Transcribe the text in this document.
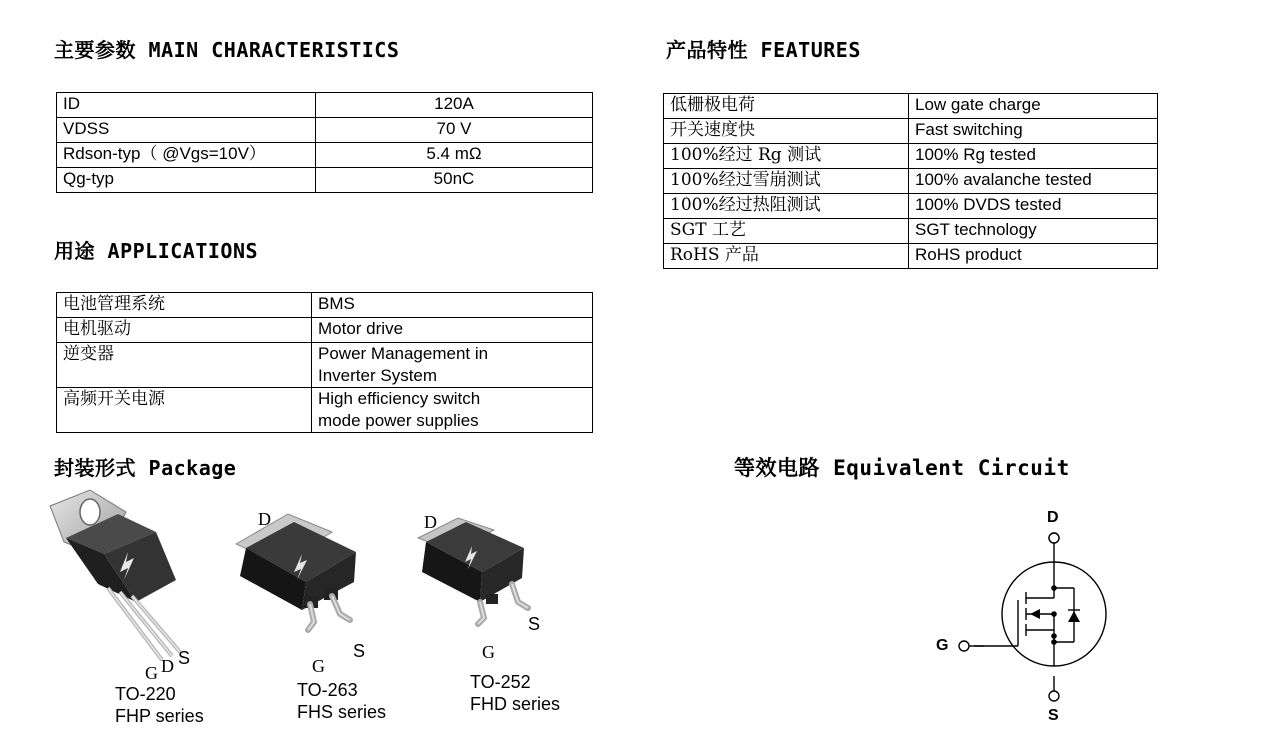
主要参数 MAIN CHARACTERISTICS
ID	120A
VDSS	70 V
Rdson-typ（ @Vgs=10V）	5.4 mΩ
Qg-typ	50nC
用途 APPLICATIONS
电池管理系统	BMS

电机驱动	Motor drive

逆变器	Power Management in
Inverter System

高频开关电源	High efficiency switch
mode power supplies
产品特性 FEATURES
低栅极电荷	Low gate charge
开关速度快	Fast switching
100%经过 Rg 测试	100% Rg tested
100%经过雪崩测试	100% avalanche tested
100%经过热阻测试	100% DVDS tested
SGT 工艺	SGT technology
RoHS 产品	RoHS product
封装形式 Package
G D S
TO-220
FHP series
D
G
S
TO-263
FHS series
D
G
S
TO-252
FHD series
等效电路 Equivalent Circuit
D
G
S
